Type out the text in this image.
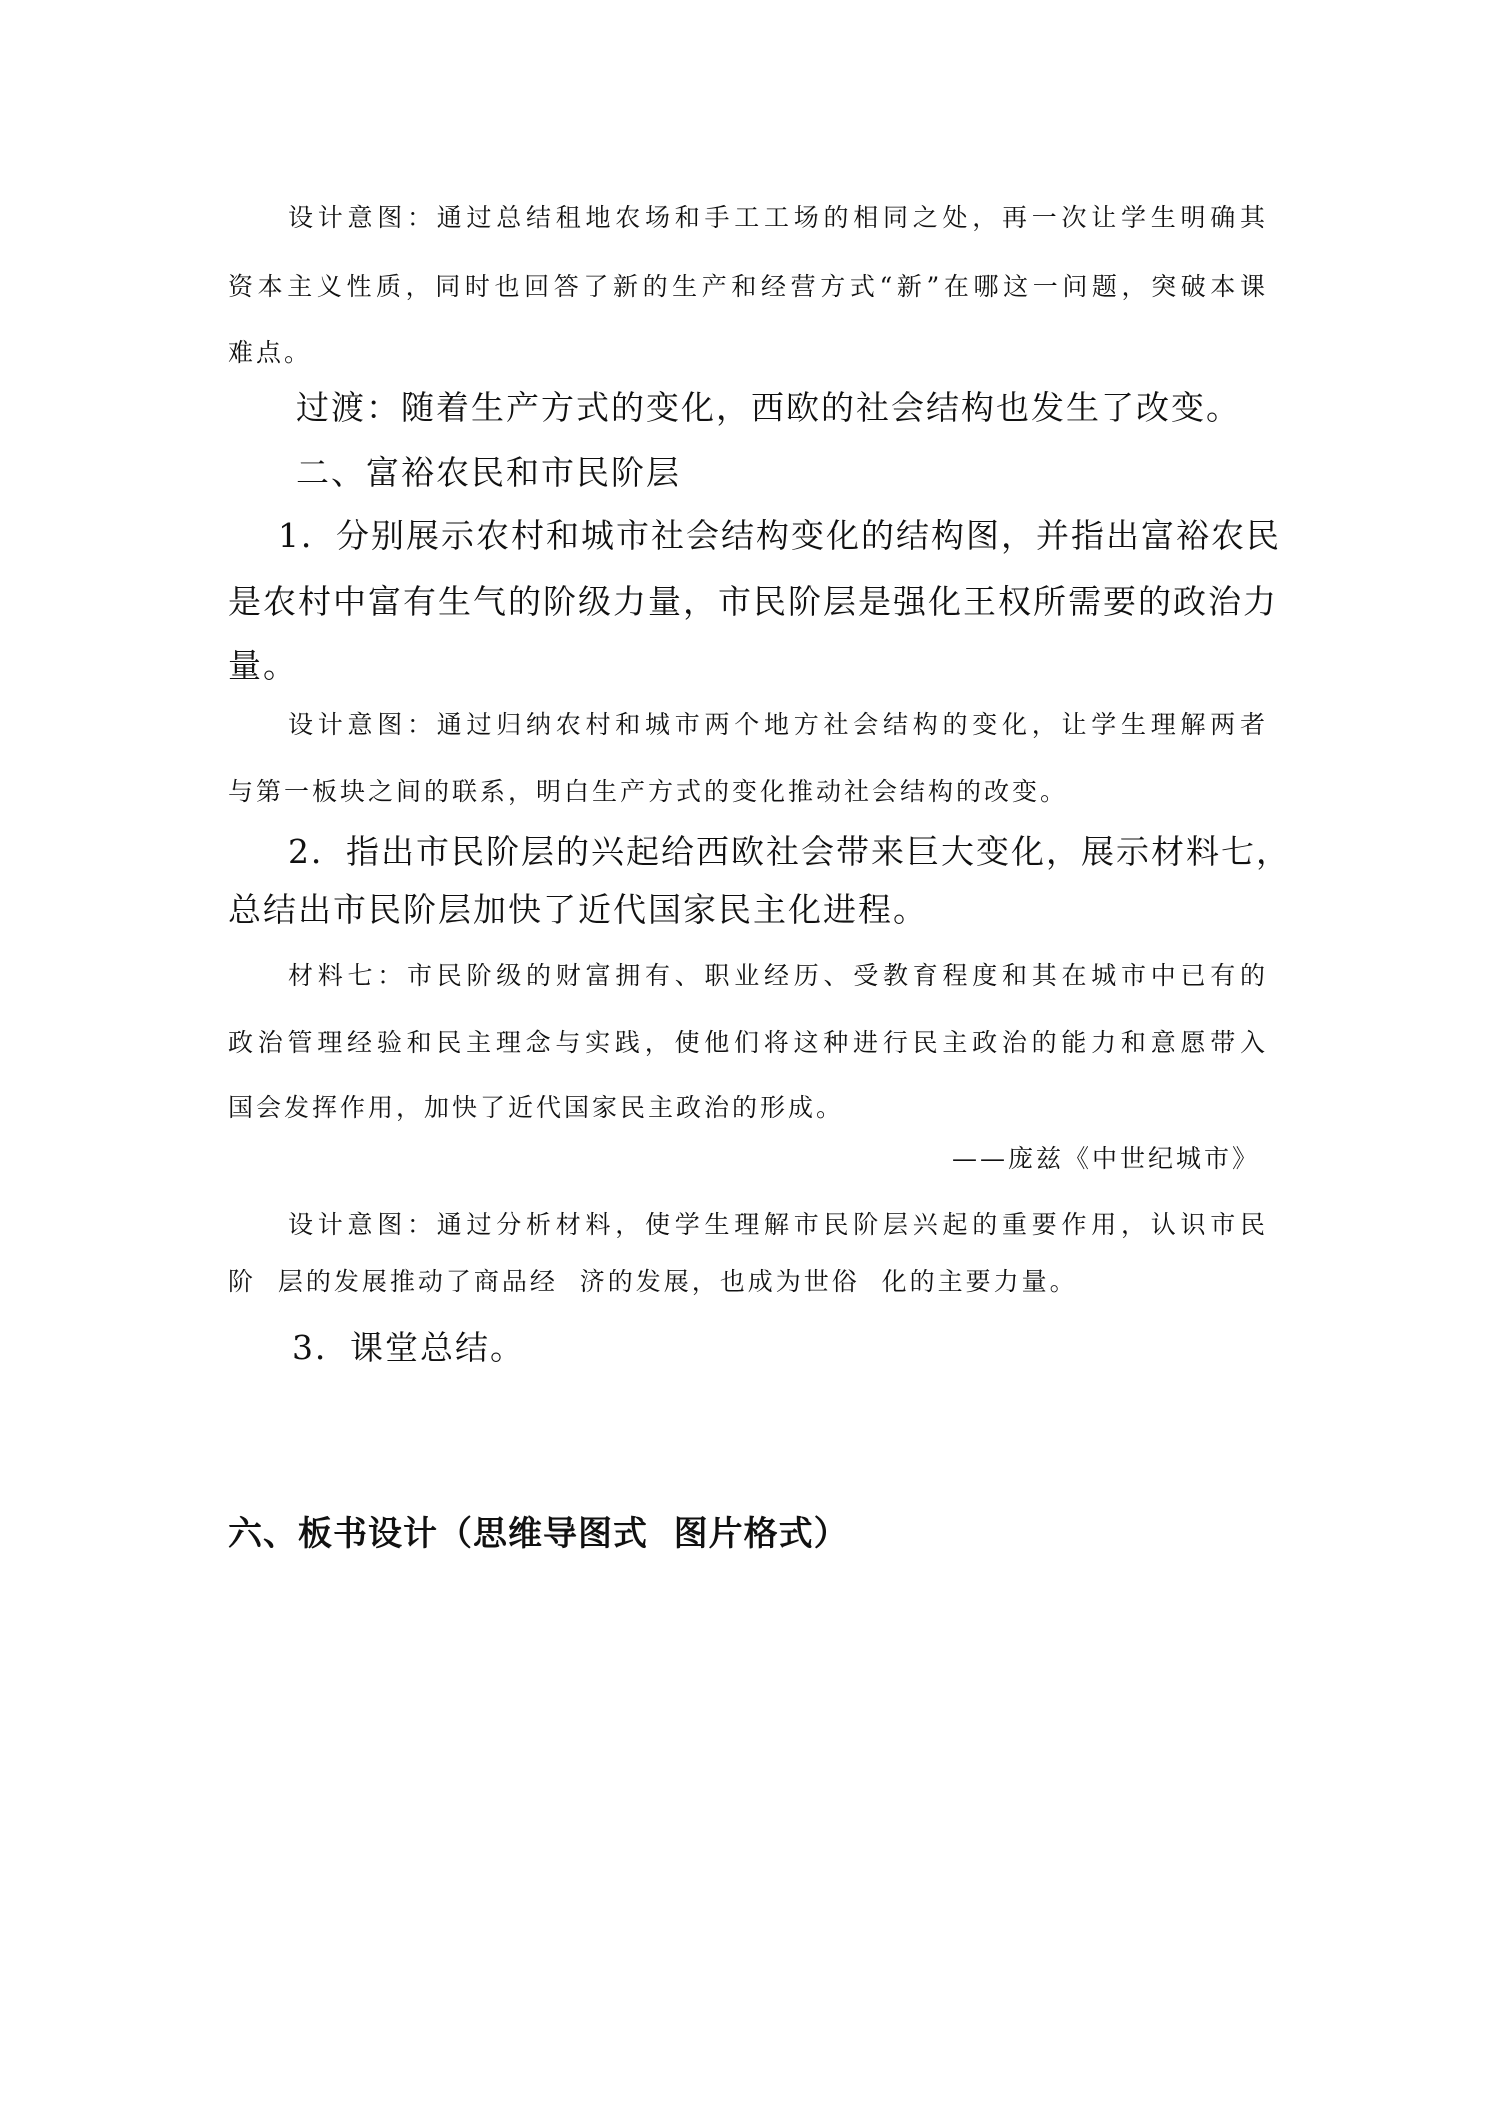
设计意图：通过总结租地农场和手工工场的相同之处，再一次让学生明确其
资本主义性质，同时也回答了新的生产和经营方式“新”在哪这一问题，突破本课
难点。
过渡：随着生产方式的变化，西欧的社会结构也发生了改变。
二、富裕农民和市民阶层
1．分别展示农村和城市社会结构变化的结构图，并指出富裕农民
是农村中富有生气的阶级力量，市民阶层是强化王权所需要的政治力
量。
设计意图：通过归纳农村和城市两个地方社会结构的变化，让学生理解两者
与第一板块之间的联系，明白生产方式的变化推动社会结构的改变。
2．指出市民阶层的兴起给西欧社会带来巨大变化，展示材料七，
总结出市民阶层加快了近代国家民主化进程。
材料七：市民阶级的财富拥有、职业经历、受教育程度和其在城市中已有的
政治管理经验和民主理念与实践，使他们将这种进行民主政治的能力和意愿带入
国会发挥作用，加快了近代国家民主政治的形成。
——庞兹《中世纪城市》
设计意图：通过分析材料，使学生理解市民阶层兴起的重要作用，认识市民
阶  层的发展推动了商品经  济的发展，也成为世俗  化的主要力量。
3．课堂总结。
六、板书设计（思维导图式  图片格式）
